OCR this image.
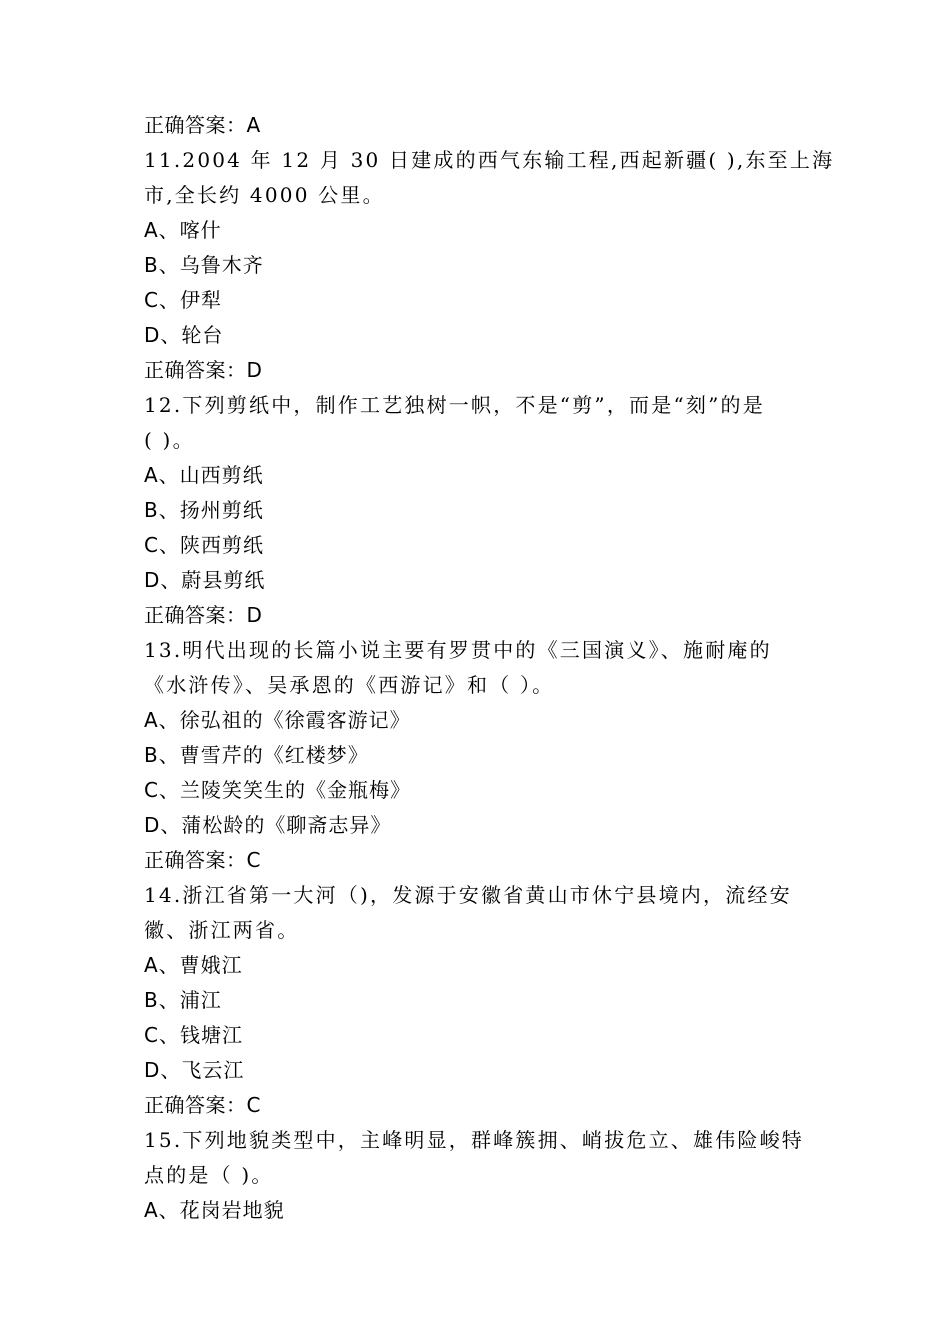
正确答案：A
11.2004 年 12 月 30 日建成的西气东输工程,西起新疆( ),东至上海
市,全长约 4000 公里。
A、喀什
B、乌鲁木齐
C、伊犁
D、轮台
正确答案：D
12.下列剪纸中，制作工艺独树一帜，不是“剪”，而是“刻”的是
( )。
A、山西剪纸
B、扬州剪纸
C、陕西剪纸
D、蔚县剪纸
正确答案：D
13.明代出现的长篇小说主要有罗贯中的《三国演义》、施耐庵的
《水浒传》、吴承恩的《西游记》和（ ）。
A、徐弘祖的《徐霞客游记》
B、曹雪芹的《红楼梦》
C、兰陵笑笑生的《金瓶梅》
D、蒲松龄的《聊斋志异》
正确答案：C
14.浙江省第一大河（)，发源于安徽省黄山市休宁县境内，流经安
徽、浙江两省。
A、曹娥江
B、浦江
C、钱塘江
D、飞云江
正确答案：C
15.下列地貌类型中，主峰明显，群峰簇拥、峭拔危立、雄伟险峻特
点的是（ )。
A、花岗岩地貌
